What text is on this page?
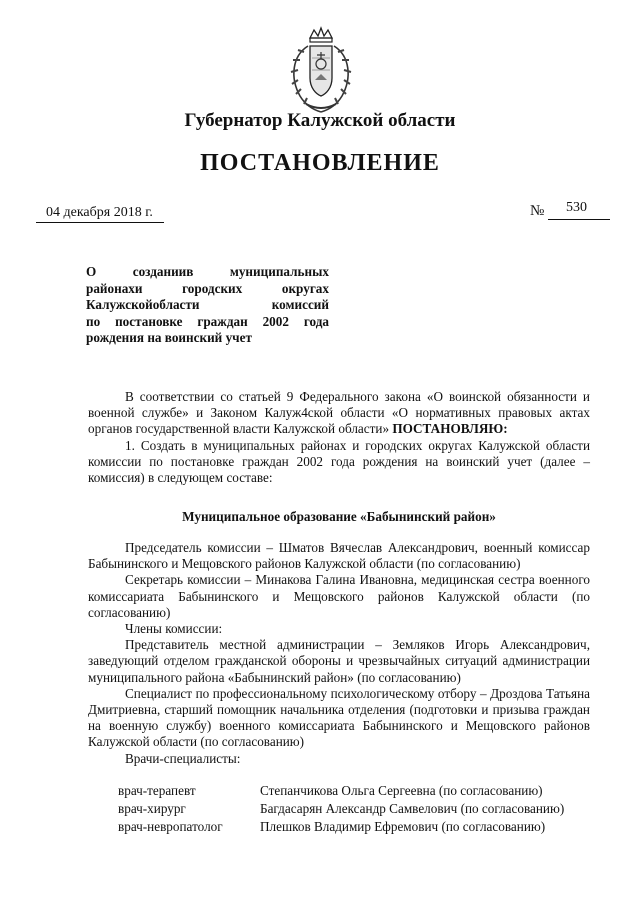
Губернатор Калужской области
ПОСТАНОВЛЕНИЕ
04 декабря 2018 г.	№ 530
О созданиив муниципальных
районахи городских округах
Калужскойобласти комиссий
по постановке граждан 2002 года
рождения на воинский учет

В соответствии со статьей 9 Федерального закона «О воинской обязанности и военной службе» и Законом Калуж4ской области «О нормативных правовых актах органов государственной власти Калужской области» ПОСТАНОВЛЯЮ:

1. Создать в муниципальных районах и городских округах Калужской области комиссии по постановке граждан 2002 года рождения на воинский учет (далее – комиссия) в следующем составе:

Муниципальное образование «Бабынинский район»

Председатель комиссии – Шматов Вячеслав Александрович, военный комиссар Бабынинского и Мещовского районов Калужской области (по согласованию)

Секретарь комиссии – Минакова Галина Ивановна, медицинская сестра военного комиссариата Бабынинского и Мещовского районов Калужской области (по согласованию)

Члены комиссии:

Представитель местной администрации – Земляков Игорь Александрович, заведующий отделом гражданской обороны и чрезвычайных ситуаций администрации муниципального района «Бабынинский район» (по согласованию)

Специалист по профессиональному психологическому отбору – Дроздова Татьяна Дмитриевна, старший помощник начальника отделения (подготовки и призыва граждан на военную службу) военного комиссариата Бабынинского и Мещовского районов Калужской области (по согласованию)

Врачи-специалисты:

врач-терапевт	Степанчикова Ольга Сергеевна (по согласованию)
врач-хирург	Багдасарян Александр Самвелович (по согласованию)
врач-невропатолог	Плешков Владимир Ефремович (по согласованию)
